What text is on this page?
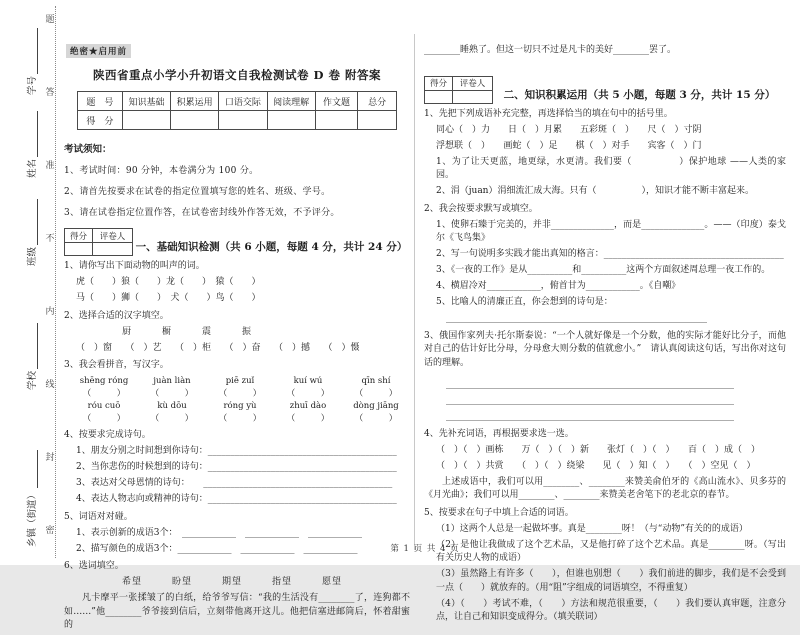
题
答
准
不
内
线
封
密
学号
姓名
班级
学校
乡镇（街道）
绝密★启用前
陕西省重点小学小升初语文自我检测试卷 D 卷 附答案
题　号	知识基础	积累运用	口语交际	阅读理解	作文题	总分
得　分						
考试须知：
1、考试时间：90 分钟，本卷满分为 100 分。
2、请首先按要求在试卷的指定位置填写您的姓名、班级、学号。
3、请在试卷指定位置作答，在试卷密封线外作答无效，不予评分。
得分	评卷人

一、基础知识检测（共 6 小题，每题 4 分，共计 24 分）
1、请你写出下面动物的叫声的词。
虎（　　）狼（　　）龙（　　）　猿（　　）
马（　　）狮（　　）　犬（　　）鸟（　　）
2、选择合适的汉字填空。
厨　　　橱　　　震　　　振
（　）窗　　（　）艺　　（　）柜　　（　）奋　　（　）撼　　（　）慑
3、我会看拼音，写汉字。
shēng róng	juàn liàn	piē zuǐ	kuí wú	qīn shí
（　　　）	（　　　）	（　　　）	（　　　）	（　　　）
róu cuō	kù dōu	róng yù	zhuī dào	dòng jiāng
（　　　）	（　　　）	（　　　）	（　　　）	（　　　）
4、按要求完成诗句。
1、朋友分别之时间想到你诗句：__________________________________________
2、当你悲伤的时候想到的诗句：__________________________________________
3、表达对父母恩情的诗句：　　__________________________________________
4、表达人物志向或精神的诗句：__________________________________________
5、词语对对碰。
1、表示创新的成语3个：　____________　____________　____________
2、描写颜色的成语3个：____________　____________　____________
6、选词填空。
希望　　　盼望　　　期望　　　指望　　　愿望
凡卡摩平一张揉皱了的白纸，给爷爷写信：“我的生活没有________了，连狗都不如……”他________爷爷接到信后，立刻带他离开这儿。他把信塞进邮筒后，怀着甜蜜的
________睡熟了。但这一切只不过是凡卡的美好________罢了。
得分	评卷人

二、知识积累运用（共 5 小题，每题 3 分，共计 15 分）
1、先把下列成语补充完整，再选择恰当的填在句中的括号里。
同心（　）力　　日（　）月累　　五彩斑（　）　　尺（　）寸阴
浮想联（　）　　画蛇（　）足　　棋（　）对手　　宾客（　）门
1、为了让天更蓝，地更绿，水更清。我们要（　　　　　）保护地球 ——人类的家园。
2、涓（juan）涓细流汇成大海。只有（　　　　　），知识才能不断丰富起来。
2、我会按要求默写或填空。
1、使卵石臻于完美的，并非______________，而是______________。——（印度）泰戈尔《飞鸟集》
2、写一句说明多实践才能出真知的格言：________________________________________
3、《一夜的工作》是从__________和__________这两个方面叙述周总理一夜工作的。
4、横眉冷对____________，俯首甘为____________。《自嘲》
5、比喻人的清廉正直，你会想到的诗句是：
__________________________________________________________
3、俄国作家列夫·托尔斯泰说：“一个人就好像是一个分数，他的实际才能好比分子，而他对自己的估计好比分母，分母愈大则分数的值就愈小。”　请认真阅读这句话，写出你对这句话的理解。
________________________________________________________________
________________________________________________________________
________________________________________________________________
4、先补充词语，再根据要求选一选。
（　）（　）画栋　　万（　）（　）新　　张灯（　）（　）　　百（　）成（　）
（　）（　）共赏　　（　）（　）绕梁　　见（　）知（　）　　（　）空见（　）
上述成语中，我们可以用________、________来赞美俞伯牙的《高山流水》、贝多芬的《月光曲》；我们可以用________、________来赞美老舍笔下的老北京的春节。
5、按要求在句子中填上合适的词语。
（1）这两个人总是一起做坏事。真是________呀！（与“动物”有关的的成语）
（2）是他让我做成了这个艺术品，又是他打碎了这个艺术品。真是________呀。（写出有关历史人物的成语）
（3）虽然路上有许多（　　），但谁也别想（　　）我们前进的脚步，我们是不会受到一点（　　）就放弃的。（用“阻”字组成的词语填空，不得重复）
（4）（　　）考试不难，（　　）方法和规范很重要，（　　）我们要认真审题，注意分点，让自己和知识变成得分。（填关联词）
第 1 页 共 4 页
